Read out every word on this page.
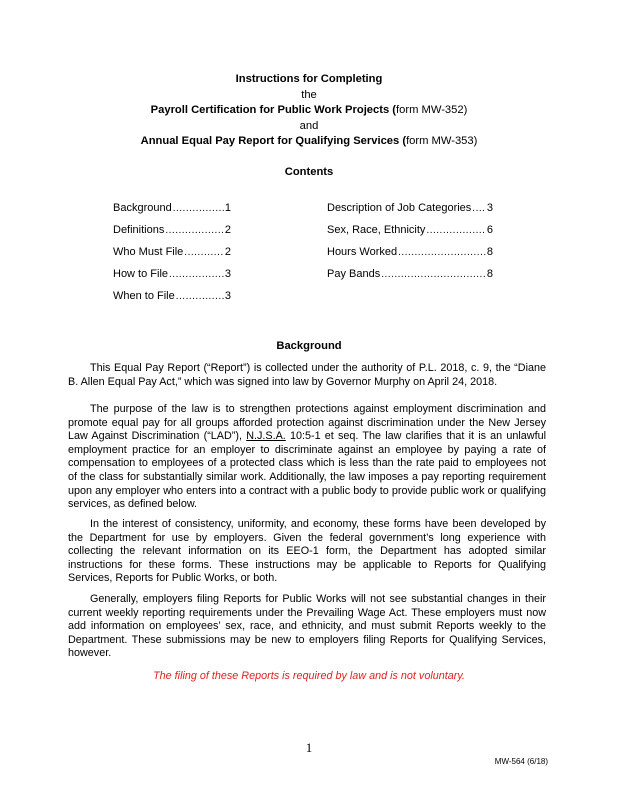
Instructions for Completing
the
Payroll Certification for Public Work Projects (form MW-352)
and
Annual Equal Pay Report for Qualifying Services (form MW-353)
Contents
Background .....	1
Definitions .....	2
Who Must File .....	2
How to File .....	3
When to File .....	3
Description of Job Categories ..... 3
Sex, Race, Ethnicity .....	6
Hours Worked .....	8
Pay Bands .....	8
Background

This Equal Pay Report (“Report”) is collected under the authority of P.L. 2018, c. 9, the “Diane B. Allen Equal Pay Act,” which was signed into law by Governor Murphy on April 24, 2018.

The purpose of the law is to strengthen protections against employment discrimination and promote equal pay for all groups afforded protection against discrimination under the New Jersey Law Against Discrimination (“LAD”), N.J.S.A. 10:5-1 et seq. The law clarifies that it is an unlawful employment practice for an employer to discriminate against an employee by paying a rate of compensation to employees of a protected class which is less than the rate paid to employees not of the class for substantially similar work. Additionally, the law imposes a pay reporting requirement upon any employer who enters into a contract with a public body to provide public work or qualifying services, as defined below.

In the interest of consistency, uniformity, and economy, these forms have been developed by the Department for use by employers. Given the federal government’s long experience with collecting the relevant information on its EEO-1 form, the Department has adopted similar instructions for these forms. These instructions may be applicable to Reports for Qualifying Services, Reports for Public Works, or both.

Generally, employers filing Reports for Public Works will not see substantial changes in their current weekly reporting requirements under the Prevailing Wage Act. These employers must now add information on employees’ sex, race, and ethnicity, and must submit Reports weekly to the Department. These submissions may be new to employers filing Reports for Qualifying Services, however.

The filing of these Reports is required by law and is not voluntary.
1
MW-564 (6/18)
